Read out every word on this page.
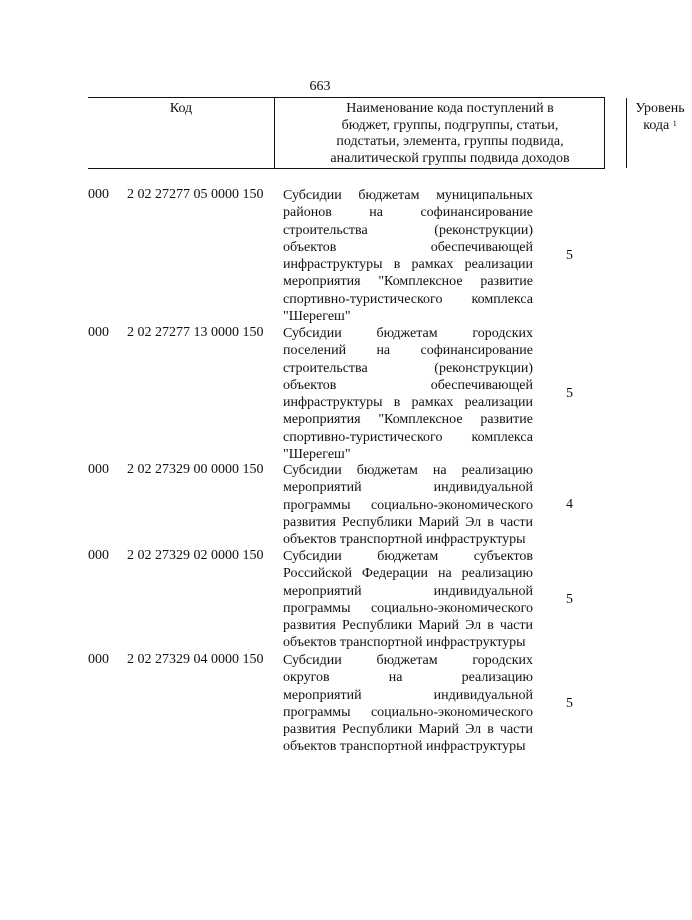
663
Код	Наименование кода поступлений в
бюджет, группы, подгруппы, статьи,
подстатьи, элемента, группы подвида,
аналитической группы подвида доходов
Уровень
кода $^1$
000 2 02 27277 05 0000 150 Субсидии бюджетам муниципальных
районов на софинансирование
строительства (реконструкции)
объектов обеспечивающей
инфраструктуры в рамках реализации
мероприятия "Комплексное развитие
спортивно-туристического комплекса
"Шерегеш"
5
000 2 02 27277 13 0000 150 Субсидии бюджетам городских
поселений на софинансирование
строительства (реконструкции)
объектов обеспечивающей
инфраструктуры в рамках реализации
мероприятия "Комплексное развитие
спортивно-туристического комплекса
"Шерегеш"
5
000 2 02 27329 00 0000 150 Субсидии бюджетам на реализацию
мероприятий индивидуальной
программы социально-экономического
развития Республики Марий Эл в части
объектов транспортной инфраструктуры
4
000 2 02 27329 02 0000 150 Субсидии бюджетам субъектов
Российской Федерации на реализацию
мероприятий индивидуальной
программы социально-экономического
развития Республики Марий Эл в части
объектов транспортной инфраструктуры
5
000 2 02 27329 04 0000 150 Субсидии бюджетам городских
округов на реализацию
мероприятий индивидуальной
программы социально-экономического
развития Республики Марий Эл в части
объектов транспортной инфраструктуры
5
